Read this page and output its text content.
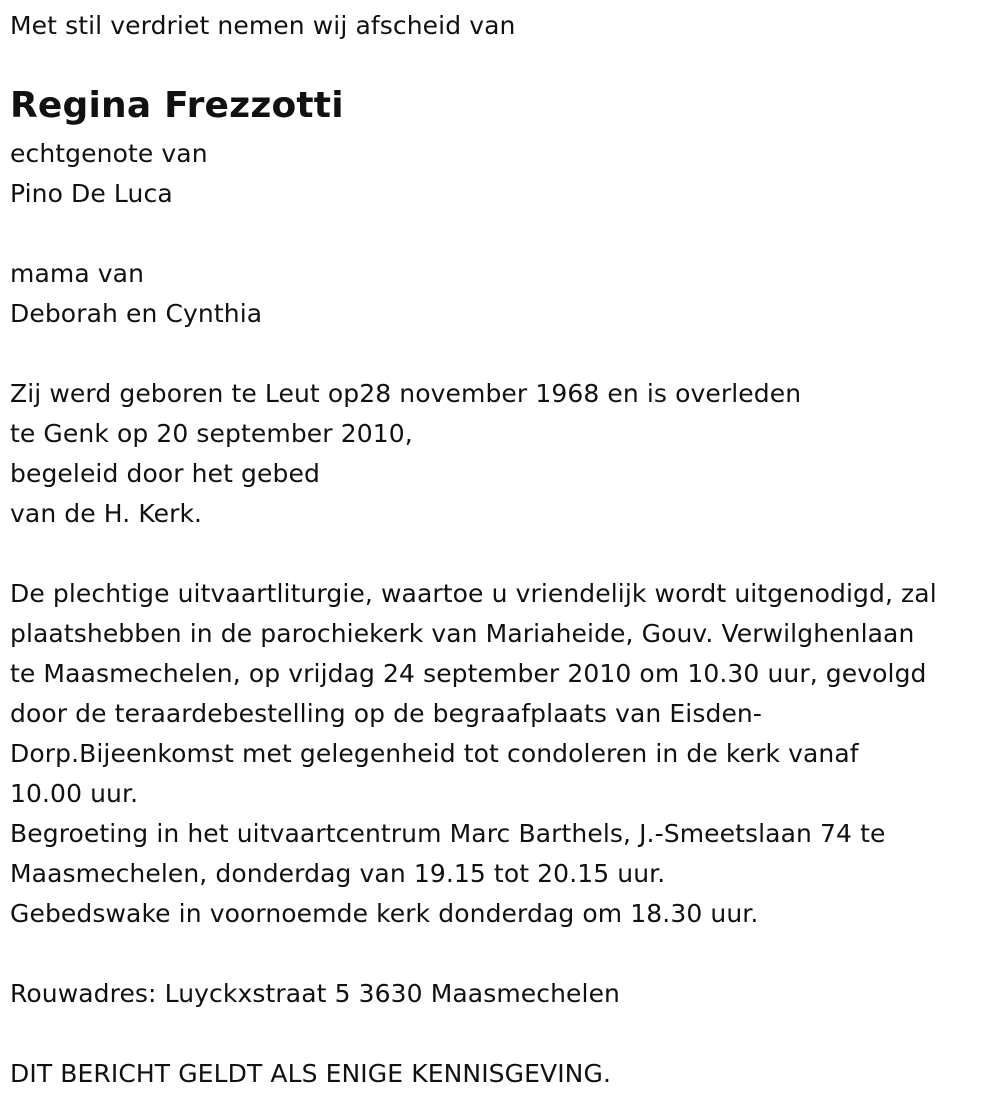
Met stil verdriet nemen wij afscheid van
Regina Frezzotti
echtgenote van
Pino De Luca
mama van
Deborah en Cynthia
Zij werd geboren te Leut op28 november 1968 en is overleden
te Genk op 20 september 2010,
begeleid door het gebed
van de H. Kerk.
De plechtige uitvaartliturgie, waartoe u vriendelijk wordt uitgenodigd, zal
plaatshebben in de parochiekerk van Mariaheide, Gouv. Verwilghenlaan
te Maasmechelen, op vrijdag 24 september 2010 om 10.30 uur, gevolgd
door de teraardebestelling op de begraafplaats van Eisden-
Dorp.Bijeenkomst met gelegenheid tot condoleren in de kerk vanaf
10.00 uur.
Begroeting in het uitvaartcentrum Marc Barthels, J.-Smeetslaan 74 te
Maasmechelen, donderdag van 19.15 tot 20.15 uur.
Gebedswake in voornoemde kerk donderdag om 18.30 uur.
Rouwadres: Luyckxstraat 5 3630 Maasmechelen
DIT BERICHT GELDT ALS ENIGE KENNISGEVING.
